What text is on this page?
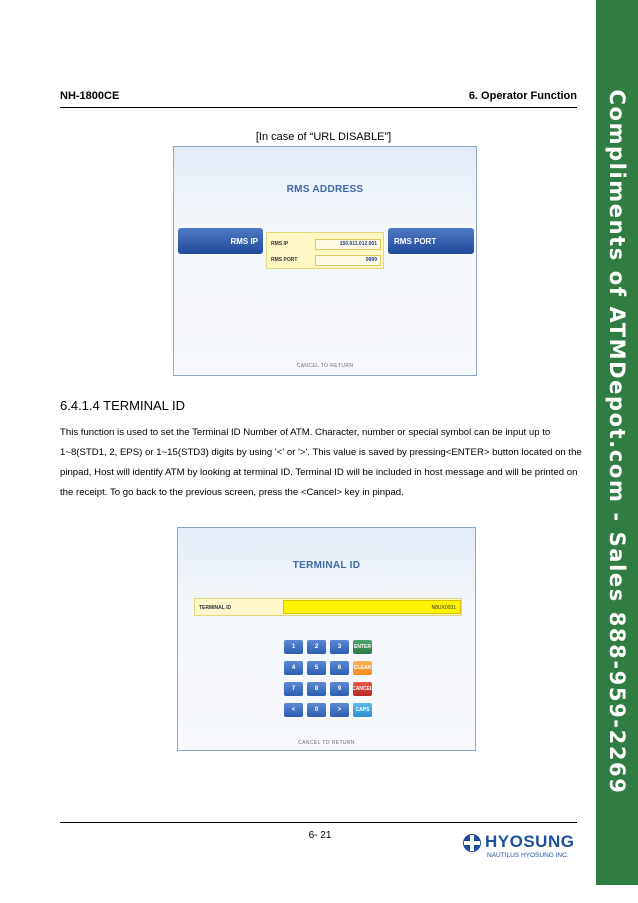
NH-1800CE	6. Operator Function
[In case of “URL DISABLE”]
RMS ADDRESS
RMS IP	RMS PORT
RMS IP	150.011.012.001
RMS PORT	9999
CANCEL TO RETURN
6.4.1.4 TERMINAL ID
This function is used to set the Terminal ID Number of ATM. Character, number or special symbol can be input up to 1~8(STD1, 2, EPS) or 1~15(STD3) digits by using '<' or '>'. This value is saved by pressing<ENTER> button located on the pinpad, Host will identify ATM by looking at terminal ID. Terminal ID will be included in host message and will be printed on the receipt. To go back to the previous screen, press the <Cancel> key in pinpad.
TERMINAL ID
TERMINAL ID	N8UX0031
1	2	3	ENTER
4	5	6	CLEAR
7	8	9	CANCEL
<	0	>	CAPS
CANCEL TO RETURN
6- 21	HYOSUNG
NAUTILUS HYOSUNG INC.
Compliments of ATMDepot.com - Sales 888-959-2269
